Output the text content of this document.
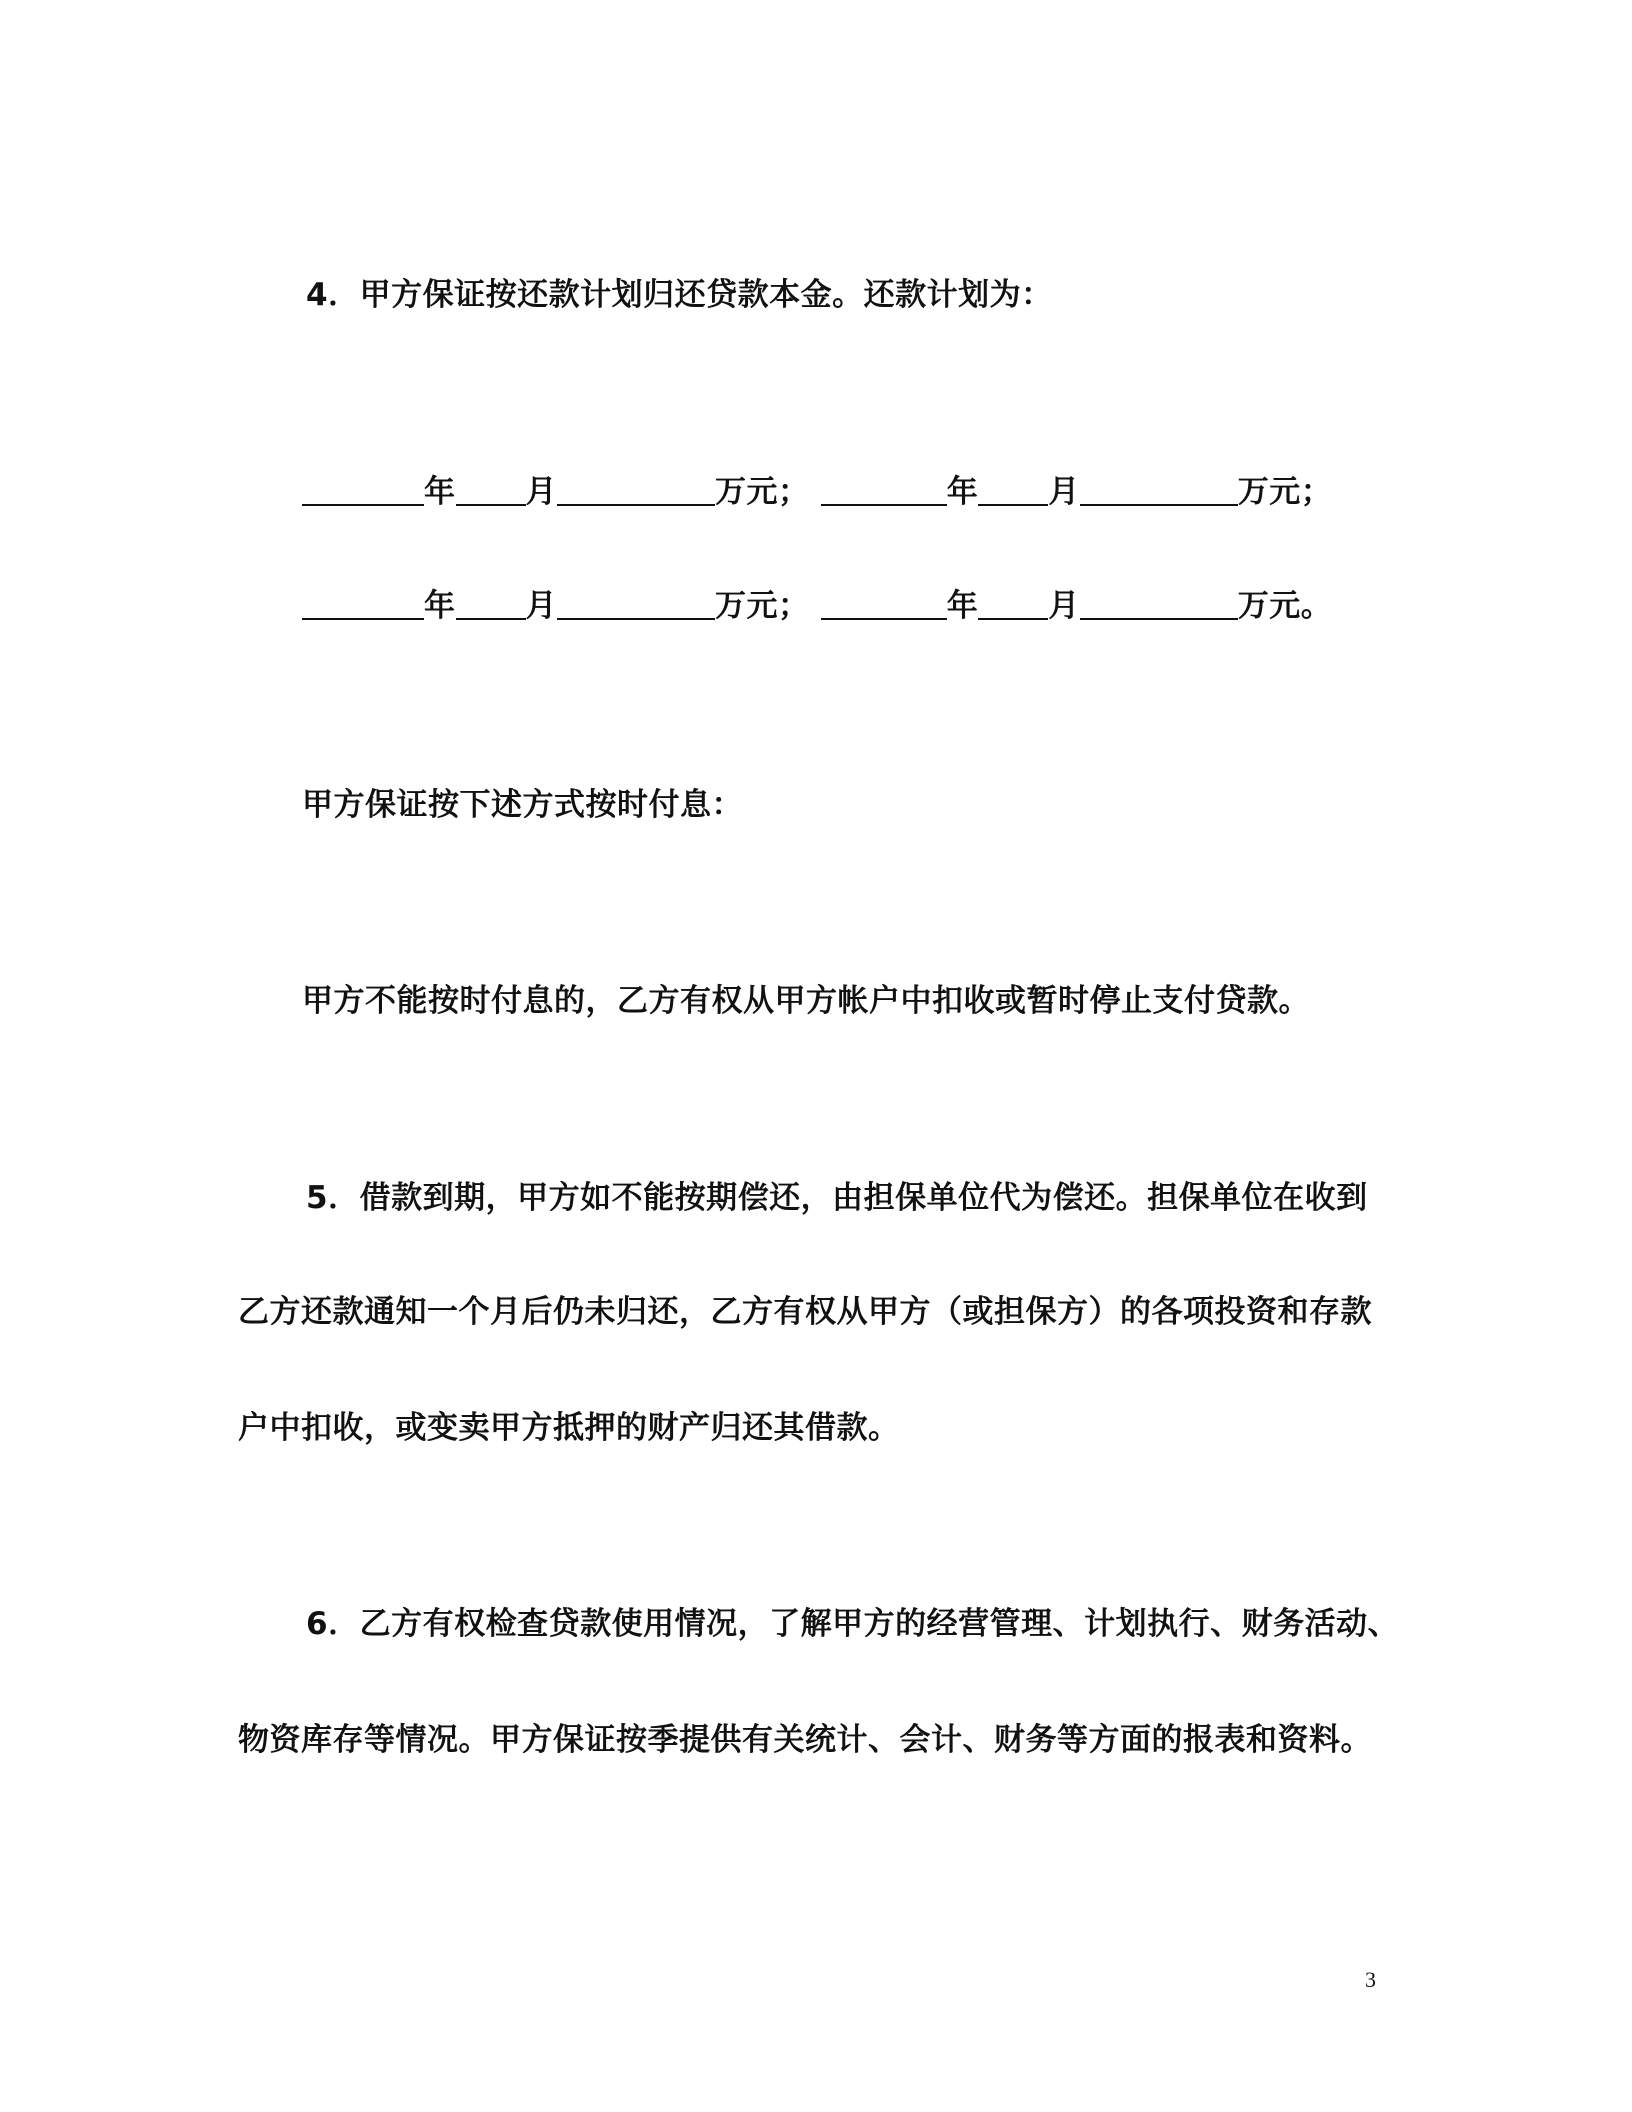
4．甲方保证按还款计划归还贷款本金。还款计划为：
年 月	万元；	年 月	万元；
年 月	万元；	年 月	万元。
甲方保证按下述方式按时付息：
甲方不能按时付息的，乙方有权从甲方帐户中扣收或暂时停止支付贷款。
5．借款到期，甲方如不能按期偿还，由担保单位代为偿还。担保单位在收到
乙方还款通知一个月后仍未归还，乙方有权从甲方（或担保方）的各项投资和存款
户中扣收，或变卖甲方抵押的财产归还其借款。
6．乙方有权检查贷款使用情况，了解甲方的经营管理、计划执行、财务活动、
物资库存等情况。甲方保证按季提供有关统计、会计、财务等方面的报表和资料。
3
